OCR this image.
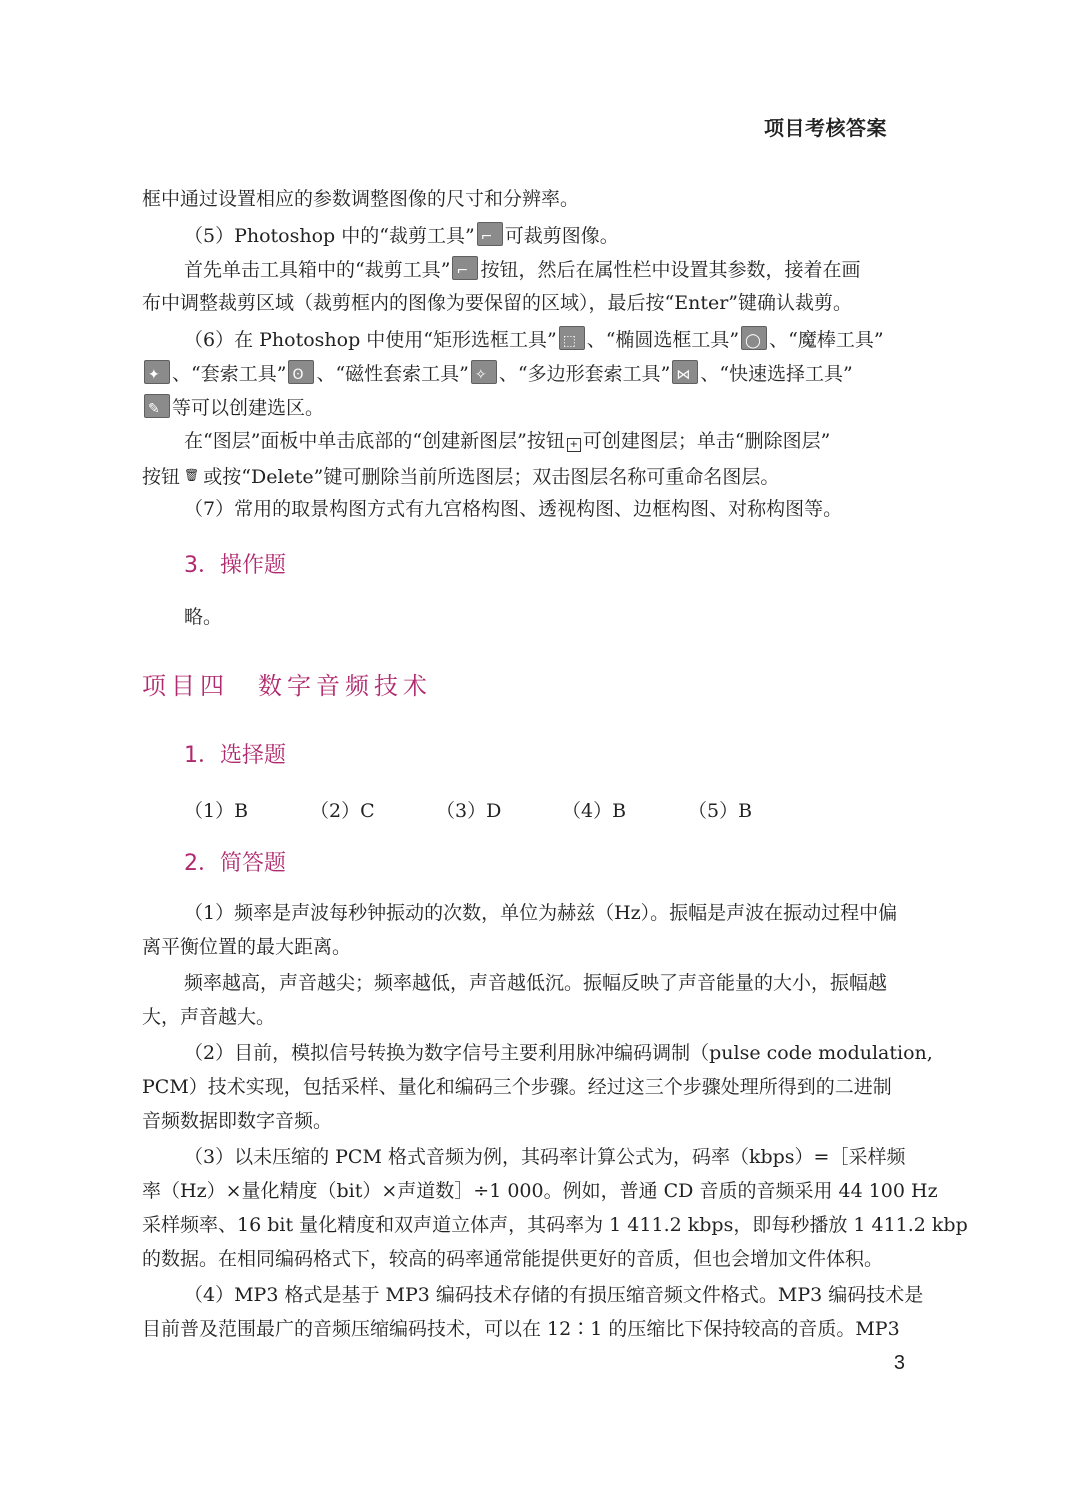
项目考核答案
框中通过设置相应的参数调整图像的尺寸和分辨率。
（5）Photoshop 中的“裁剪工具” ⌐ 可裁剪图像。
首先单击工具箱中的“裁剪工具” ⌐ 按钮，然后在属性栏中设置其参数，接着在画
布中调整裁剪区域（裁剪框内的图像为要保留的区域），最后按“Enter”键确认裁剪。
（6）在 Photoshop 中使用“矩形选框工具” ⬚ 、“椭圆选框工具” ◯ 、“魔棒工具”
✦、“套索工具” ʘ 、“磁性套索工具” ✧ 、“多边形套索工具” ⋈ 、“快速选择工具”
✎等可以创建选区。
在“图层”面板中单击底部的“创建新图层”按钮 + 可创建图层；单击“删除图层”
按钮 🗑 或按“Delete”键可删除当前所选图层；双击图层名称可重命名图层。
（7）常用的取景构图方式有九宫格构图、透视构图、边框构图、对称构图等。
3．操作题
略。
项目四　数字音频技术
1．选择题
（1）B	（2）C	（3）D	（4）B	（5）B
2．简答题
（1）频率是声波每秒钟振动的次数，单位为赫兹（Hz）。振幅是声波在振动过程中偏
离平衡位置的最大距离。
频率越高，声音越尖；频率越低，声音越低沉。振幅反映了声音能量的大小，振幅越
大，声音越大。
（2）目前，模拟信号转换为数字信号主要利用脉冲编码调制（pulse code modulation,
PCM）技术实现，包括采样、量化和编码三个步骤。经过这三个步骤处理所得到的二进制
音频数据即数字音频。
（3）以未压缩的 PCM 格式音频为例，其码率计算公式为，码率（kbps）=［采样频
率（Hz）×量化精度（bit）×声道数］÷1 000。例如，普通 CD 音质的音频采用 44 100 Hz
采样频率、16 bit 量化精度和双声道立体声，其码率为 1 411.2 kbps，即每秒播放 1 411.2 kbp
的数据。在相同编码格式下，较高的码率通常能提供更好的音质，但也会增加文件体积。
（4）MP3 格式是基于 MP3 编码技术存储的有损压缩音频文件格式。MP3 编码技术是
目前普及范围最广的音频压缩编码技术，可以在 12∶1 的压缩比下保持较高的音质。MP3
3
